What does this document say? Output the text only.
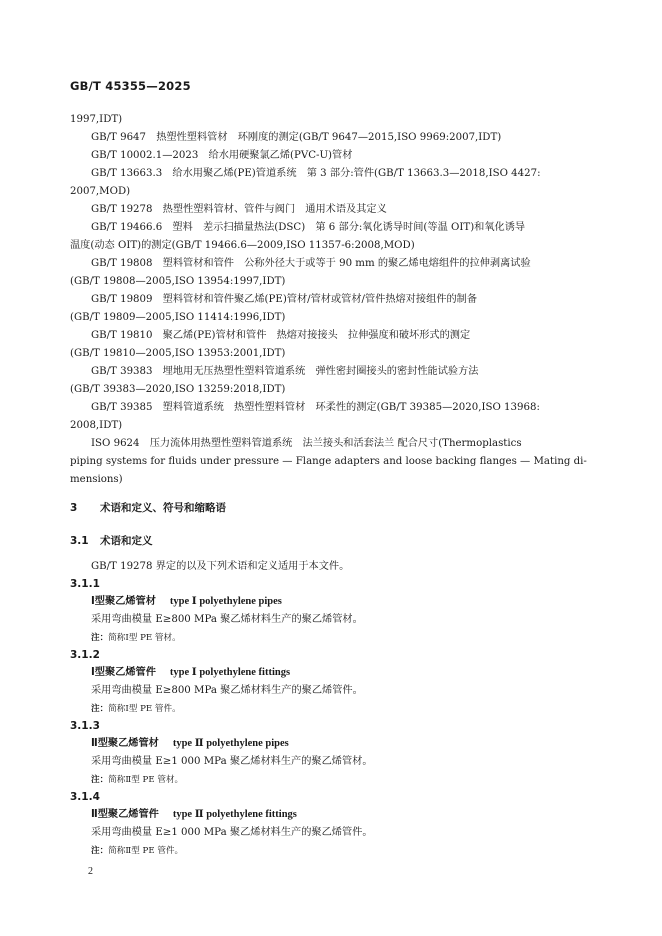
GB/T 45355—2025

1997,IDT)

GB/T 9647　热塑性塑料管材　环刚度的测定(GB/T 9647—2015,ISO 9969:2007,IDT)

GB/T 10002.1—2023　给水用硬聚氯乙烯(PVC-U)管材

GB/T 13663.3　给水用聚乙烯(PE)管道系统　第 3 部分:管件(GB/T 13663.3—2018,ISO 4427:

2007,MOD)

GB/T 19278　热塑性塑料管材、管件与阀门　通用术语及其定义

GB/T 19466.6　塑料　差示扫描量热法(DSC)　第 6 部分:氧化诱导时间(等温 OIT)和氧化诱导

温度(动态 OIT)的测定(GB/T 19466.6—2009,ISO 11357-6:2008,MOD)

GB/T 19808　塑料管材和管件　公称外径大于或等于 90 mm 的聚乙烯电熔组件的拉伸剥离试验

(GB/T 19808—2005,ISO 13954:1997,IDT)

GB/T 19809　塑料管材和管件聚乙烯(PE)管材/管材或管材/管件热熔对接组件的制备

(GB/T 19809—2005,ISO 11414:1996,IDT)

GB/T 19810　聚乙烯(PE)管材和管件　热熔对接接头　拉伸强度和破坏形式的测定

(GB/T 19810—2005,ISO 13953:2001,IDT)

GB/T 39383　埋地用无压热塑性塑料管道系统　弹性密封圈接头的密封性能试验方法

(GB/T 39383—2020,ISO 13259:2018,IDT)

GB/T 39385　塑料管道系统　热塑性塑料管材　环柔性的测定(GB/T 39385—2020,ISO 13968:

2008,IDT)

ISO 9624　压力流体用热塑性塑料管道系统　法兰接头和活套法兰 配合尺寸(Thermoplastics

piping systems for fluids under pressure — Flange adapters and loose backing flanges — Mating di-

mensions)

3 术语和定义、符号和缩略语
3.1 术语和定义
GB/T 19278 界定的以及下列术语和定义适用于本文件。
3.1.1
Ⅰ型聚乙烯管材 type Ⅰ polyethylene pipes
采用弯曲模量 E≥800 MPa 聚乙烯材料生产的聚乙烯管材。
注：简称Ⅰ型 PE 管材。
3.1.2
Ⅰ型聚乙烯管件 type Ⅰ polyethylene fittings
采用弯曲模量 E≥800 MPa 聚乙烯材料生产的聚乙烯管件。
注：简称Ⅰ型 PE 管件。
3.1.3
Ⅱ型聚乙烯管材 type Ⅱ polyethylene pipes
采用弯曲模量 E≥1 000 MPa 聚乙烯材料生产的聚乙烯管材。
注：简称Ⅱ型 PE 管材。
3.1.4
Ⅱ型聚乙烯管件 type Ⅱ polyethylene fittings
采用弯曲模量 E≥1 000 MPa 聚乙烯材料生产的聚乙烯管件。
注：简称Ⅱ型 PE 管件。
2
